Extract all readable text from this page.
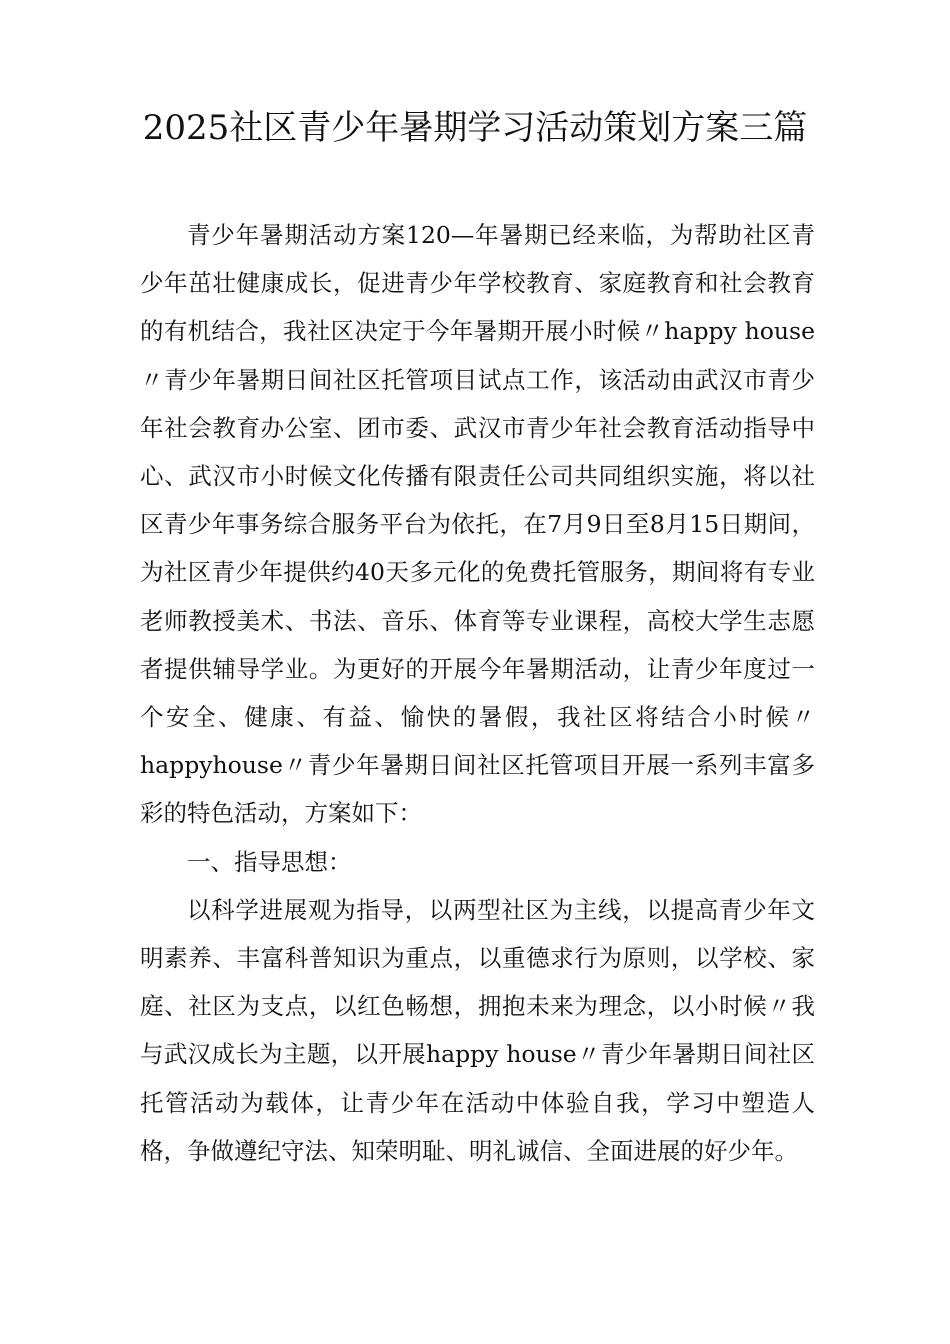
2025社区青少年暑期学习活动策划方案三篇

青少年暑期活动方案120—年暑期已经来临，为帮助社区青少年茁壮健康成长，促进青少年学校教育、家庭教育和社会教育的有机结合，我社区决定于今年暑期开展小时候〃happy house〃青少年暑期日间社区托管项目试点工作，该活动由武汉市青少年社会教育办公室、团市委、武汉市青少年社会教育活动指导中心、武汉市小时候文化传播有限责任公司共同组织实施，将以社区青少年事务综合服务平台为依托，在7月9日至8月15日期间，为社区青少年提供约40天多元化的免费托管服务，期间将有专业老师教授美术、书法、音乐、体育等专业课程，高校大学生志愿者提供辅导学业。为更好的开展今年暑期活动，让青少年度过一个安全、健康、有益、愉快的暑假，我社区将结合小时候〃happyhouse〃青少年暑期日间社区托管项目开展一系列丰富多彩的特色活动，方案如下：

一、指导思想：

以科学进展观为指导，以两型社区为主线，以提高青少年文明素养、丰富科普知识为重点，以重德求行为原则，以学校、家庭、社区为支点，以红色畅想，拥抱未来为理念，以小时候〃我与武汉成长为主题，以开展happy house〃青少年暑期日间社区托管活动为载体，让青少年在活动中体验自我，学习中塑造人格，争做遵纪守法、知荣明耻、明礼诚信、全面进展的好少年。
